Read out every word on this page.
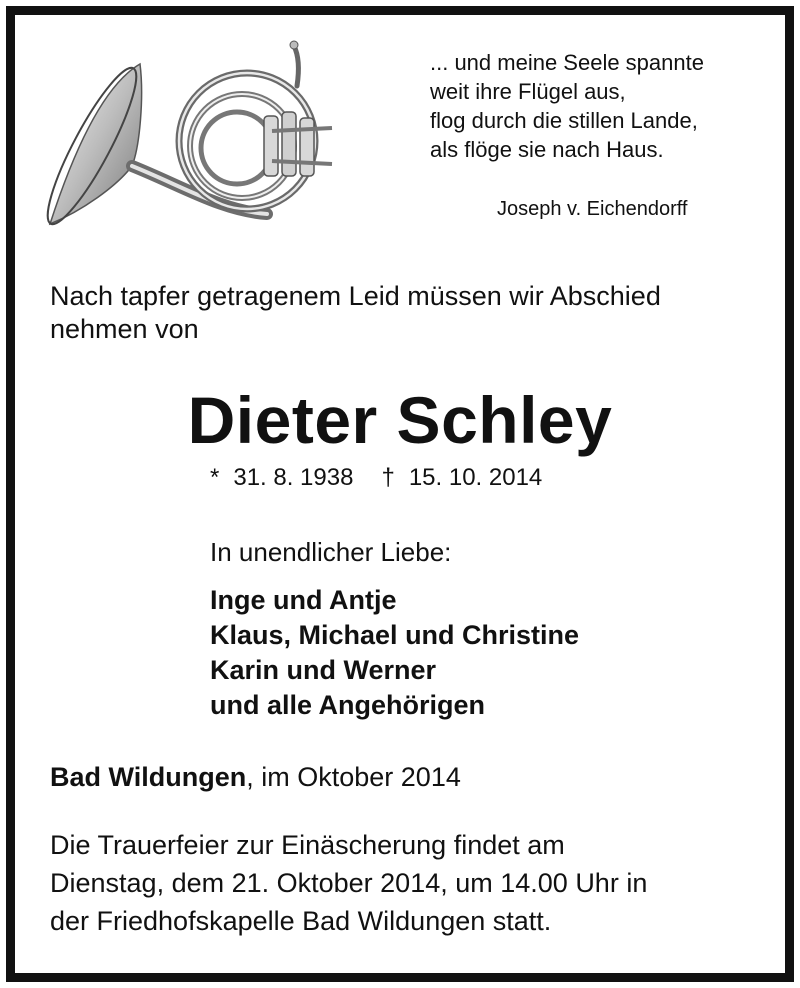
... und meine Seele spannte
weit ihre Flügel aus,
flog durch die stillen Lande,
als flöge sie nach Haus.
Joseph v. Eichendorff
Nach tapfer getragenem Leid müssen wir Abschied nehmen von
Dieter Schley
* 31. 8. 1938 † 15. 10. 2014
In unendlicher Liebe:
Inge und Antje
Klaus, Michael und Christine
Karin und Werner
und alle Angehörigen
Bad Wildungen, im Oktober 2014
Die Trauerfeier zur Einäscherung findet am
Dienstag, dem 21. Oktober 2014, um 14.00 Uhr in
der Friedhofskapelle Bad Wildungen statt.
